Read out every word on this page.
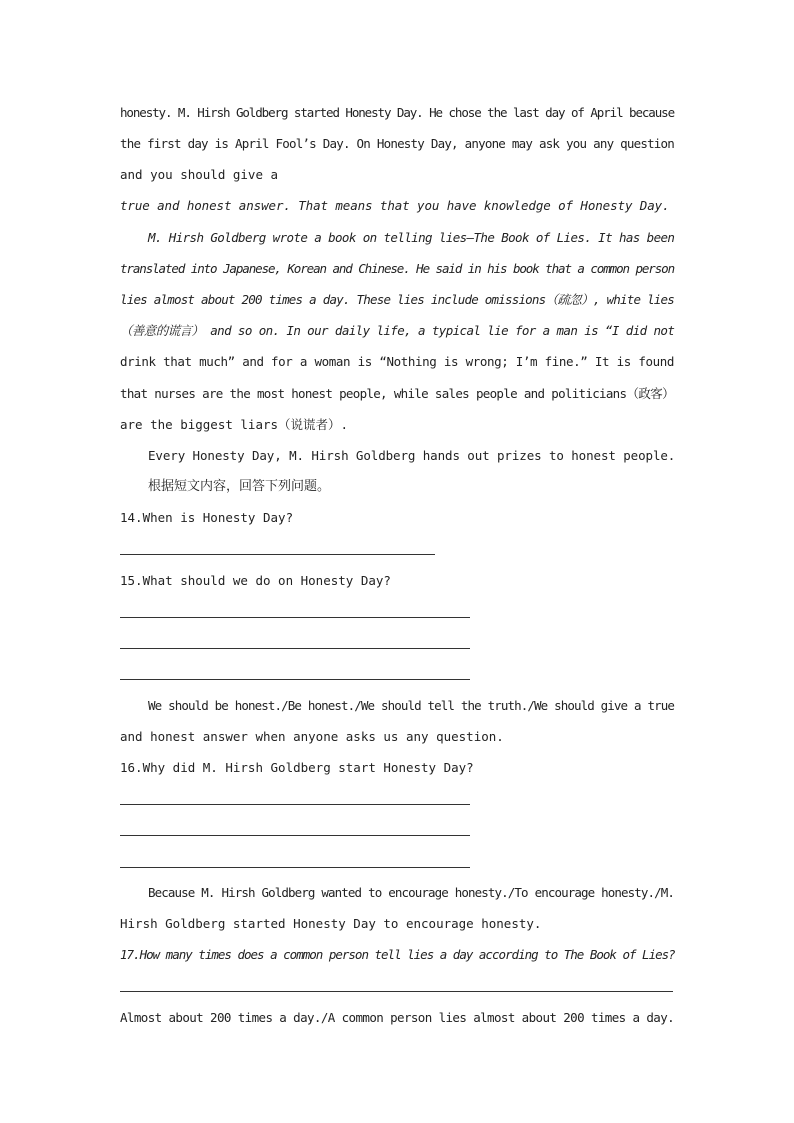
honesty. M. Hirsh Goldberg started Honesty Day. He chose the last day of April because
the first day is April Fool’s Day. On Honesty Day, anyone may ask you any question
and you should give a
true and honest answer. That means that you have knowledge of Honesty Day.
M. Hirsh Goldberg wrote a book on telling lies—The Book of Lies. It has been
translated into Japanese, Korean and Chinese. He said in his book that a common person
lies almost about 200 times a day. These lies include omissions（疏忽）, white lies
（善意的谎言） and so on. In our daily life, a typical lie for a man is “I did not
drink that much” and for a woman is “Nothing is wrong; I’m fine.” It is found
that nurses are the most honest people, while sales people and politicians（政客）
are the biggest liars（说谎者）.
Every Honesty Day, M. Hirsh Goldberg hands out prizes to honest people.
根据短文内容，回答下列问题。
14.When is Honesty Day?
15.What should we do on Honesty Day?
We should be honest./Be honest./We should tell the truth./We should give a true
and honest answer when anyone asks us any question.
16.Why did M. Hirsh Goldberg start Honesty Day?
Because M. Hirsh Goldberg wanted to encourage honesty./To encourage honesty./M.
Hirsh Goldberg started Honesty Day to encourage honesty.
17.How many times does a common person tell lies a day according to The Book of Lies?
Almost about 200 times a day./A common person lies almost about 200 times a day.
